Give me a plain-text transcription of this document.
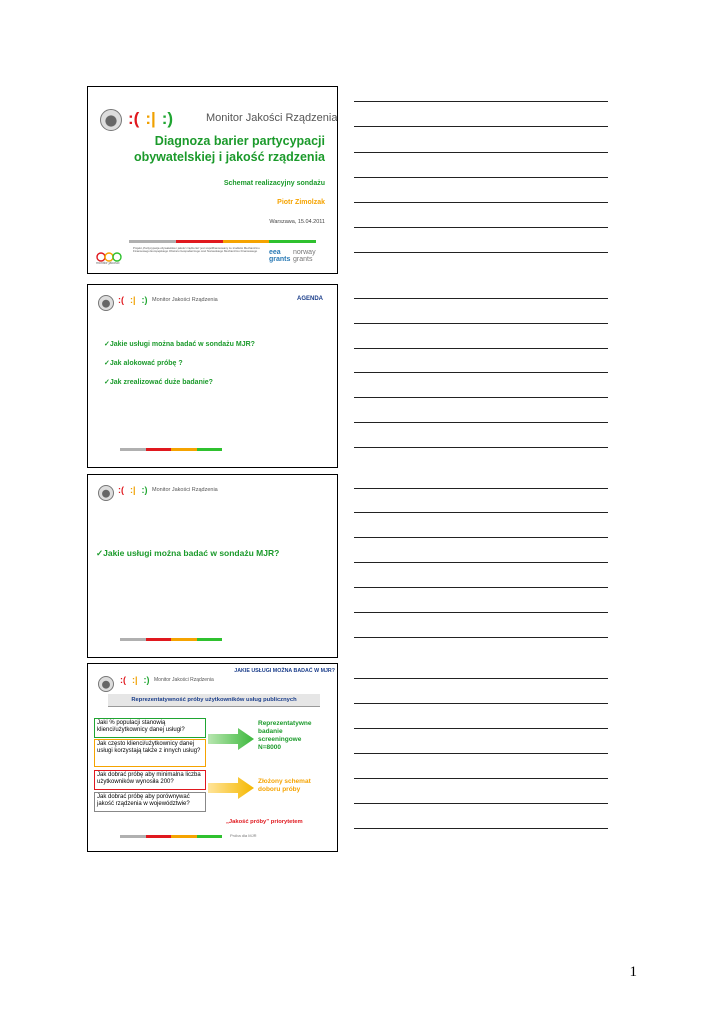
:( :| :)	Monitor Jakości Rządzenia
Diagnoza barier partycypacji
obywatelskiej i jakość rządzenia
Schemat realizacyjny sondażu
Piotr Zimolzak
Warszawa, 15.04.2011
monitor jakości
Projekt „Partycypacja obywatelska i jakość rządzenia” jest współfinansowany ze środków Mechanizmu Finansowego Europejskiego Obszaru Gospodarczego oraz Norweskiego Mechanizmu Finansowego	eea grants
norway grants
:( :| :) Monitor Jakości Rządzenia	AGENDA
✓Jakie usługi można badać w sondażu MJR?
✓Jak alokować próbę ?
✓Jak zrealizować duże badanie?
:( :| :) Monitor Jakości Rządzenia
✓Jakie usługi można badać w sondażu MJR?
:( :| :) Monitor Jakości Rządzenia
JAKIE USŁUGI MOŻNA BADAĆ W MJR?
Reprezentatywność próby użytkowników usług publicznych
Jaki % populacji stanowią klienci/użytkownicy danej usługi?
Jak często klienci/użytkownicy danej usługi korzystają także z innych usług?
Jak dobrać próbę aby minimalna liczba użytkowników wynosiła 200?
Jak dobrać próbę aby porównywać jakość rządzenia w województwie?
Reprezentatywne
badanie
screeningowe
N=8000
Złożony schemat
doboru próby
„Jakość próby” priorytetem
Próba dla MJR
1
